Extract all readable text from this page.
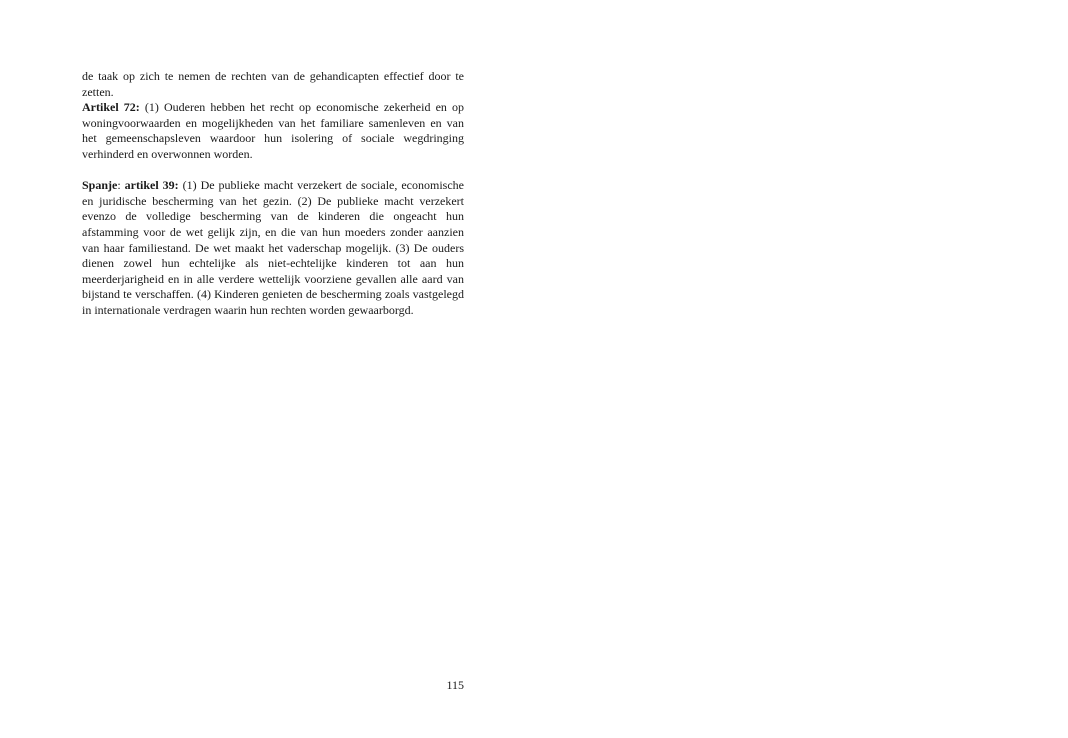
de taak op zich te nemen de rechten van de gehandicapten effectief door te zetten.

Artikel 72: (1) Ouderen hebben het recht op economische zekerheid en op woningvoorwaarden en mogelijkheden van het familiare samenleven en van het gemeenschapsleven waardoor hun isolering of sociale wegdringing verhinderd en overwonnen worden.

Spanje: artikel 39: (1) De publieke macht verzekert de sociale, economische en juridische bescherming van het gezin. (2) De publieke macht verzekert evenzo de volledige bescherming van de kinderen die ongeacht hun afstamming voor de wet gelijk zijn, en die van hun moeders zonder aanzien van haar familiestand. De wet maakt het vaderschap mogelijk. (3) De ouders dienen zowel hun echtelijke als niet-echtelijke kinderen tot aan hun meerderjarigheid en in alle verdere wettelijk voorziene gevallen alle aard van bijstand te verschaffen. (4) Kinderen genieten de bescherming zoals vastgelegd in internationale verdragen waarin hun rechten worden gewaarborgd.

115
